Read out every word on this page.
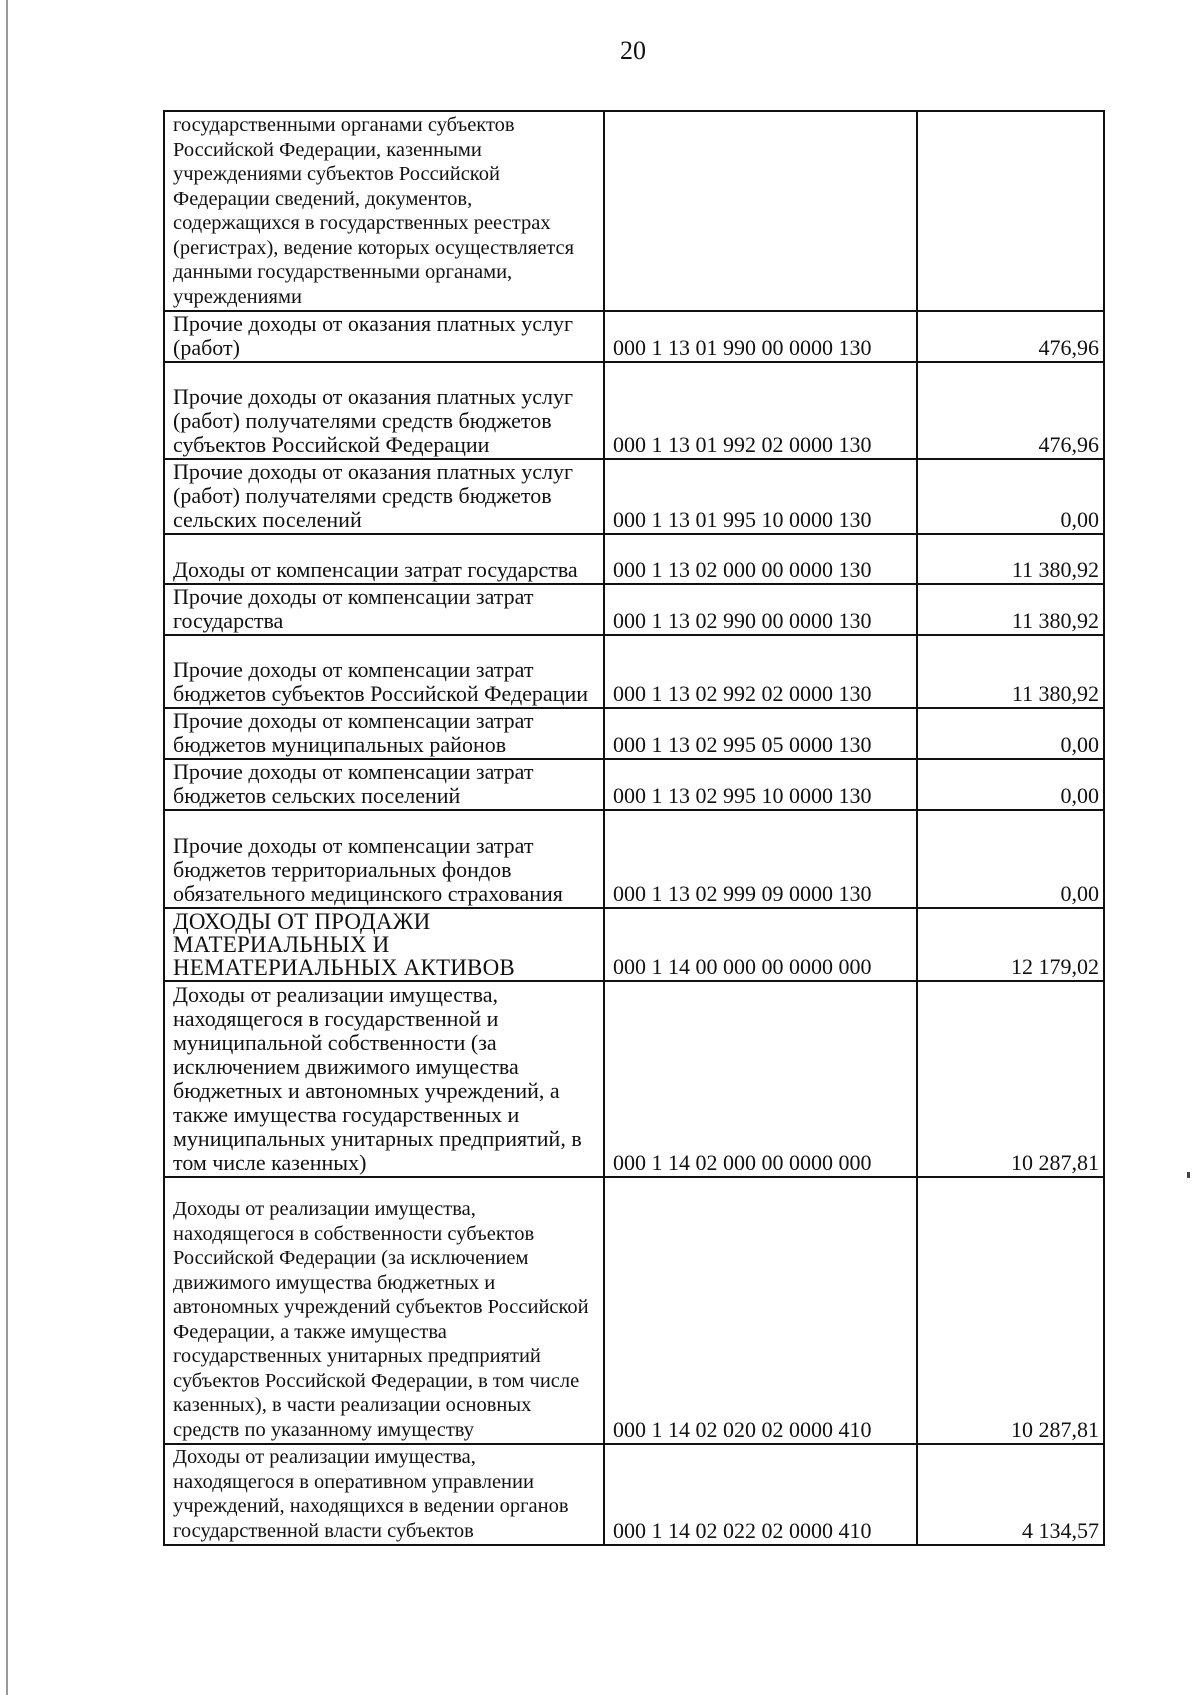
20
государственными органами субъектов Российской Федерации, казенными учреждениями субъектов Российской Федерации сведений, документов, содержащихся в государственных реестрах (регистрах), ведение которых осуществляется данными государственными органами, учреждениями		
Прочие доходы от оказания платных услуг (работ)	000 1 13 01 990 00 0000 130	476,96
Прочие доходы от оказания платных услуг (работ) получателями средств бюджетов субъектов Российской Федерации	000 1 13 01 992 02 0000 130	476,96
Прочие доходы от оказания платных услуг (работ) получателями средств бюджетов сельских поселений	000 1 13 01 995 10 0000 130	0,00
Доходы от компенсации затрат государства	000 1 13 02 000 00 0000 130	11 380,92
Прочие доходы от компенсации затрат государства	000 1 13 02 990 00 0000 130	11 380,92
Прочие доходы от компенсации затрат бюджетов субъектов Российской Федерации	000 1 13 02 992 02 0000 130	11 380,92
Прочие доходы от компенсации затрат бюджетов муниципальных районов	000 1 13 02 995 05 0000 130	0,00
Прочие доходы от компенсации затрат бюджетов сельских поселений	000 1 13 02 995 10 0000 130	0,00
Прочие доходы от компенсации затрат бюджетов территориальных фондов обязательного медицинского страхования	000 1 13 02 999 09 0000 130	0,00
ДОХОДЫ ОТ ПРОДАЖИ МАТЕРИАЛЬНЫХ И НЕМАТЕРИАЛЬНЫХ АКТИВОВ	000 1 14 00 000 00 0000 000	12 179,02
Доходы от реализации имущества, находящегося в государственной и муниципальной собственности (за исключением движимого имущества бюджетных и автономных учреждений, а также имущества государственных и муниципальных унитарных предприятий, в том числе казенных)	000 1 14 02 000 00 0000 000	10 287,81
Доходы от реализации имущества, находящегося в собственности субъектов Российской Федерации (за исключением движимого имущества бюджетных и автономных учреждений субъектов Российской Федерации, а также имущества государственных унитарных предприятий субъектов Российской Федерации, в том числе казенных), в части реализации основных средств по указанному имуществу	000 1 14 02 020 02 0000 410	10 287,81
Доходы от реализации имущества, находящегося в оперативном управлении учреждений, находящихся в ведении органов государственной власти субъектов	000 1 14 02 022 02 0000 410	4 134,57
